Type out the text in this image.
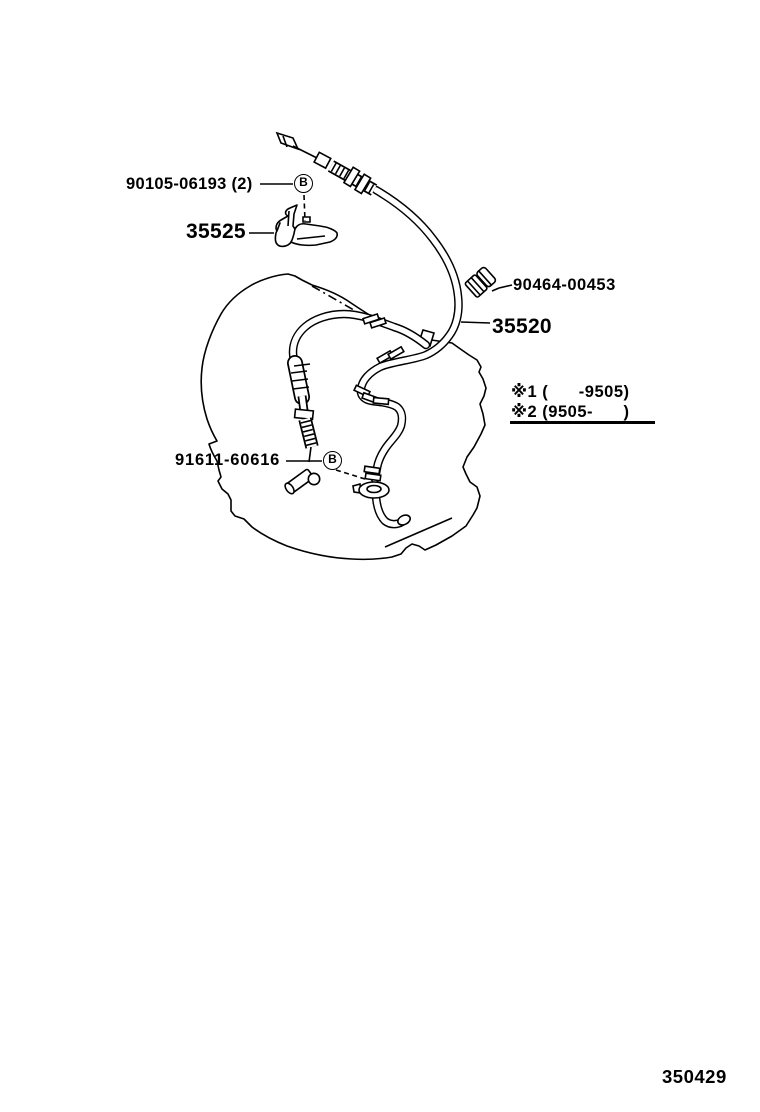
90105-06193 (2)
35525
90464-00453
35520
91611-60616
B
B
※1 (      -9505)
※2 (9505-      )
350429
